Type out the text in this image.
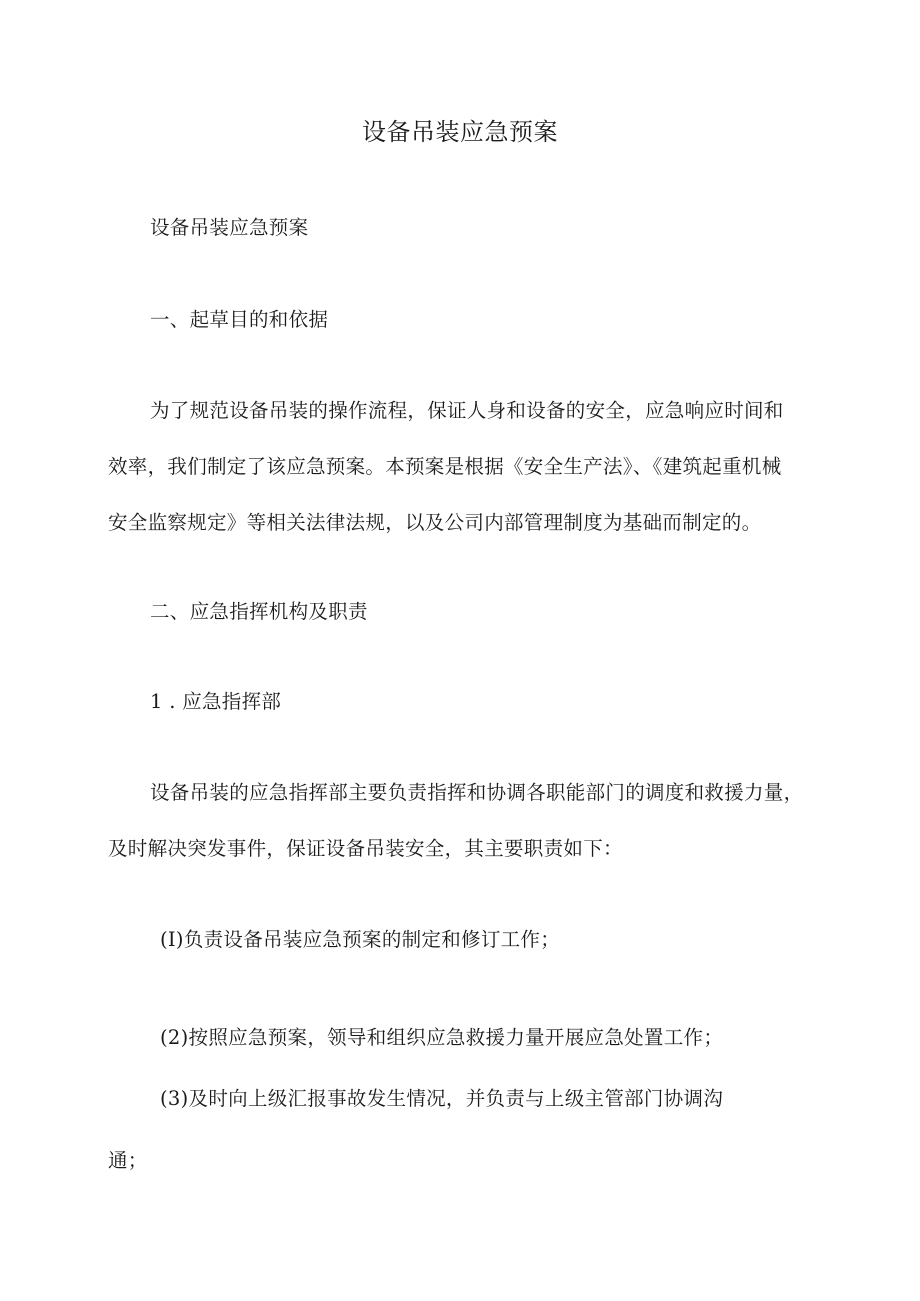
设备吊装应急预案
设备吊装应急预案
一、起草目的和依据
为了规范设备吊装的操作流程，保证人身和设备的安全，应急响应时间和
效率，我们制定了该应急预案。本预案是根据《安全生产法》、《建筑起重机械
安全监察规定》等相关法律法规，以及公司内部管理制度为基础而制定的。
二、应急指挥机构及职责
1 . 应急指挥部
设备吊装的应急指挥部主要负责指挥和协调各职能部门的调度和救援力量，
及时解决突发事件，保证设备吊装安全，其主要职责如下：
(I)负责设备吊装应急预案的制定和修订工作；
(2)按照应急预案，领导和组织应急救援力量开展应急处置工作；
(3)及时向上级汇报事故发生情况，并负责与上级主管部门协调沟
通；
